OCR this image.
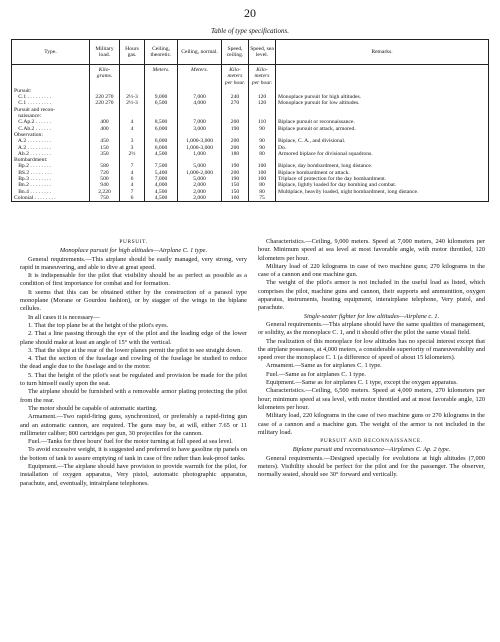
20
Table of type specifications.
Type.	Military load.	Hours gas.	Ceiling, theoretic.	Ceiling, normal.	Speed, ceiling.	Speed, sea level.	Remarks.
	Kilo-grams.		Meters.	Meters.	Kilo-meters per hour.	Kilo-meters per hour.	
Pursuit:							
C.1 . . . . . . . . .	220 270	2½-3	9,000	7,000	240	120	Monoplace pursuit for high altitudes.
C.1 . . . . . . . . .	220 270	2½-3	6,500	4,000	270	120	Monoplace pursuit for low altitudes.
Pursuit and recon-							
naissance:							
C.Ap.2 . . . . . .	400	4	8,500	7,000	200	110	Biplace pursuit or reconnaissance.
C.Ab.2 . . . . . .	400	4	6,000	3,000	190	90	Biplace pursuit or attack, armored.
Observation:							
A.2 . . . . . . . . .	450	3	6,000	1,000-3,000	200	90	Biplace, C. A., and divisional.
A.2 . . . . . . . . .	150	3	6,000	1,000-3,000	200	90	Do.
Ab.2 . . . . . . . .	350	2½	4,500	1,000	180	80	Armored biplace for divisional squadrons.
Bombardment:							
Bp.2 . . . . . . . .	580	7	7,500	5,000	190	100	Biplace, day bombardment, long distance.
BS.2 . . . . . . . .	720	4	5,400	1,000-2,000	200	100	Biplace bombardment or attack.
Bp.3 . . . . . . . .	500	6	7,000	5,000	190	100	Triplace of protection for the day bombardment.
Bn.2 . . . . . . . .	940	4	4,000	2,000	150	80	Biplace, lightly loaded for day bombing and combat.
Bn.4 . . . . . . . .	2,220	7	4,500	2,000	150	80	Multiplace, heavily loaded, night bombardment, long distance.
Colonial . . . . . . . .	750	6	4,500	2,000	160	75	

PURSUIT.

Monoplace pursuit for high altitudes—Airplane C. 1 type.

General requirements.—This airplane should be easily managed, very strong, very rapid in maneuvering, and able to dive at great speed.

It is indispensable for the pilot that visibility should be as perfect as possible as a condition of first importance for combat and for formation.

It seems that this can be obtained either by the construction of a parasol type monoplane (Morane or Gourdou fashion), or by stagger of the wings in the biplane cellules.

In all cases it is necessary—

1. That the top plane be at the height of the pilot's eyes.

2. That a line passing through the eye of the pilot and the leading edge of the lower plane should make at least an angle of 15° with the vertical.

3. That the slope at the rear of the lower planes permit the pilot to see straight down.

4. That the section of the fuselage and cowling of the fuselage be studied to reduce the dead angle due to the fuselage and to the motor.

5. That the height of the pilot's seat be regulated and provision be made for the pilot to turn himself easily upon the seat.

The airplane should be furnished with a removable armor plating protecting the pilot from the rear.

The motor should be capable of automatic starting.

Armament.—Two rapid-firing guns, synchronized, or preferably a rapid-firing gun and an automatic cannon, are required. The guns may be, at will, either 7.65 or 11 millimeter caliber; 800 cartridges per gun, 30 projectiles for the cannon.

Fuel.—Tanks for three hours' fuel for the motor turning at full speed at sea level.

To avoid excessive weight, it is suggested and preferred to have gasoline rip panels on the bottom of tank to assure emptying of tank in case of fire rather than leak-proof tanks.

Equipment.—The airplane should have provision to provide warmth for the pilot, for installation of oxygen apparatus, Very pistol, automatic photographic apparatus, parachute, and, eventually, intrairplane telephones.

Characteristics.—Ceiling, 9,000 meters. Speed at 7,000 meters, 240 kilometers per hour. Minimum speed at sea level at most favorable angle, with motor throttled, 120 kilometers per hour.

Military load of 220 kilograms in case of two machine guns; 270 kilograms in the case of a cannon and one machine gun.

The weight of the pilot's armor is not included in the useful load as listed, which comprises the pilot, machine guns and cannon, their supports and ammunition, oxygen apparatus, instruments, heating equipment, interairplane telephone, Very pistol, and parachute.

Single-seater fighter for low altitudes—Airplane c. 1.

General requirements.—This airplane should have the same qualities of management, or solidity, as the monoplace C. 1, and it should offer the pilot the same visual field.

The realization of this monoplace for low altitudes has no special interest except that the airplane possesses, at 4,000 meters, a considerable superiority of maneuverability and speed over the monoplace C. 1 (a difference of speed of about 15 kilometers).

Armament.—Same as for airplanes C. 1 type.

Fuel.—Same as for airplanes C. 1 type.

Equipment.—Same as for airplanes C. 1 type, except the oxygen apparatus.

Characteristics.—Ceiling, 6,500 meters. Speed at 4,000 meters, 270 kilometers per hour; minimum speed at sea level, with motor throttled and at most favorable angle, 120 kilometers per hour.

Military load, 220 kilograms in the case of two machine guns or 270 kilograms in the case of a cannon and a machine gun. The weight of the armor is not included in the military load.

PURSUIT AND RECONNAISSANCE.

Biplane pursuit and reconnaissance—Airplanes C. Ap. 2 type.

General requirements.—Designed specially for evolutions at high altitudes (7,000 meters). Visibility should be perfect for the pilot and for the passenger. The observer, normally seated, should see 30° forward and vertically.
